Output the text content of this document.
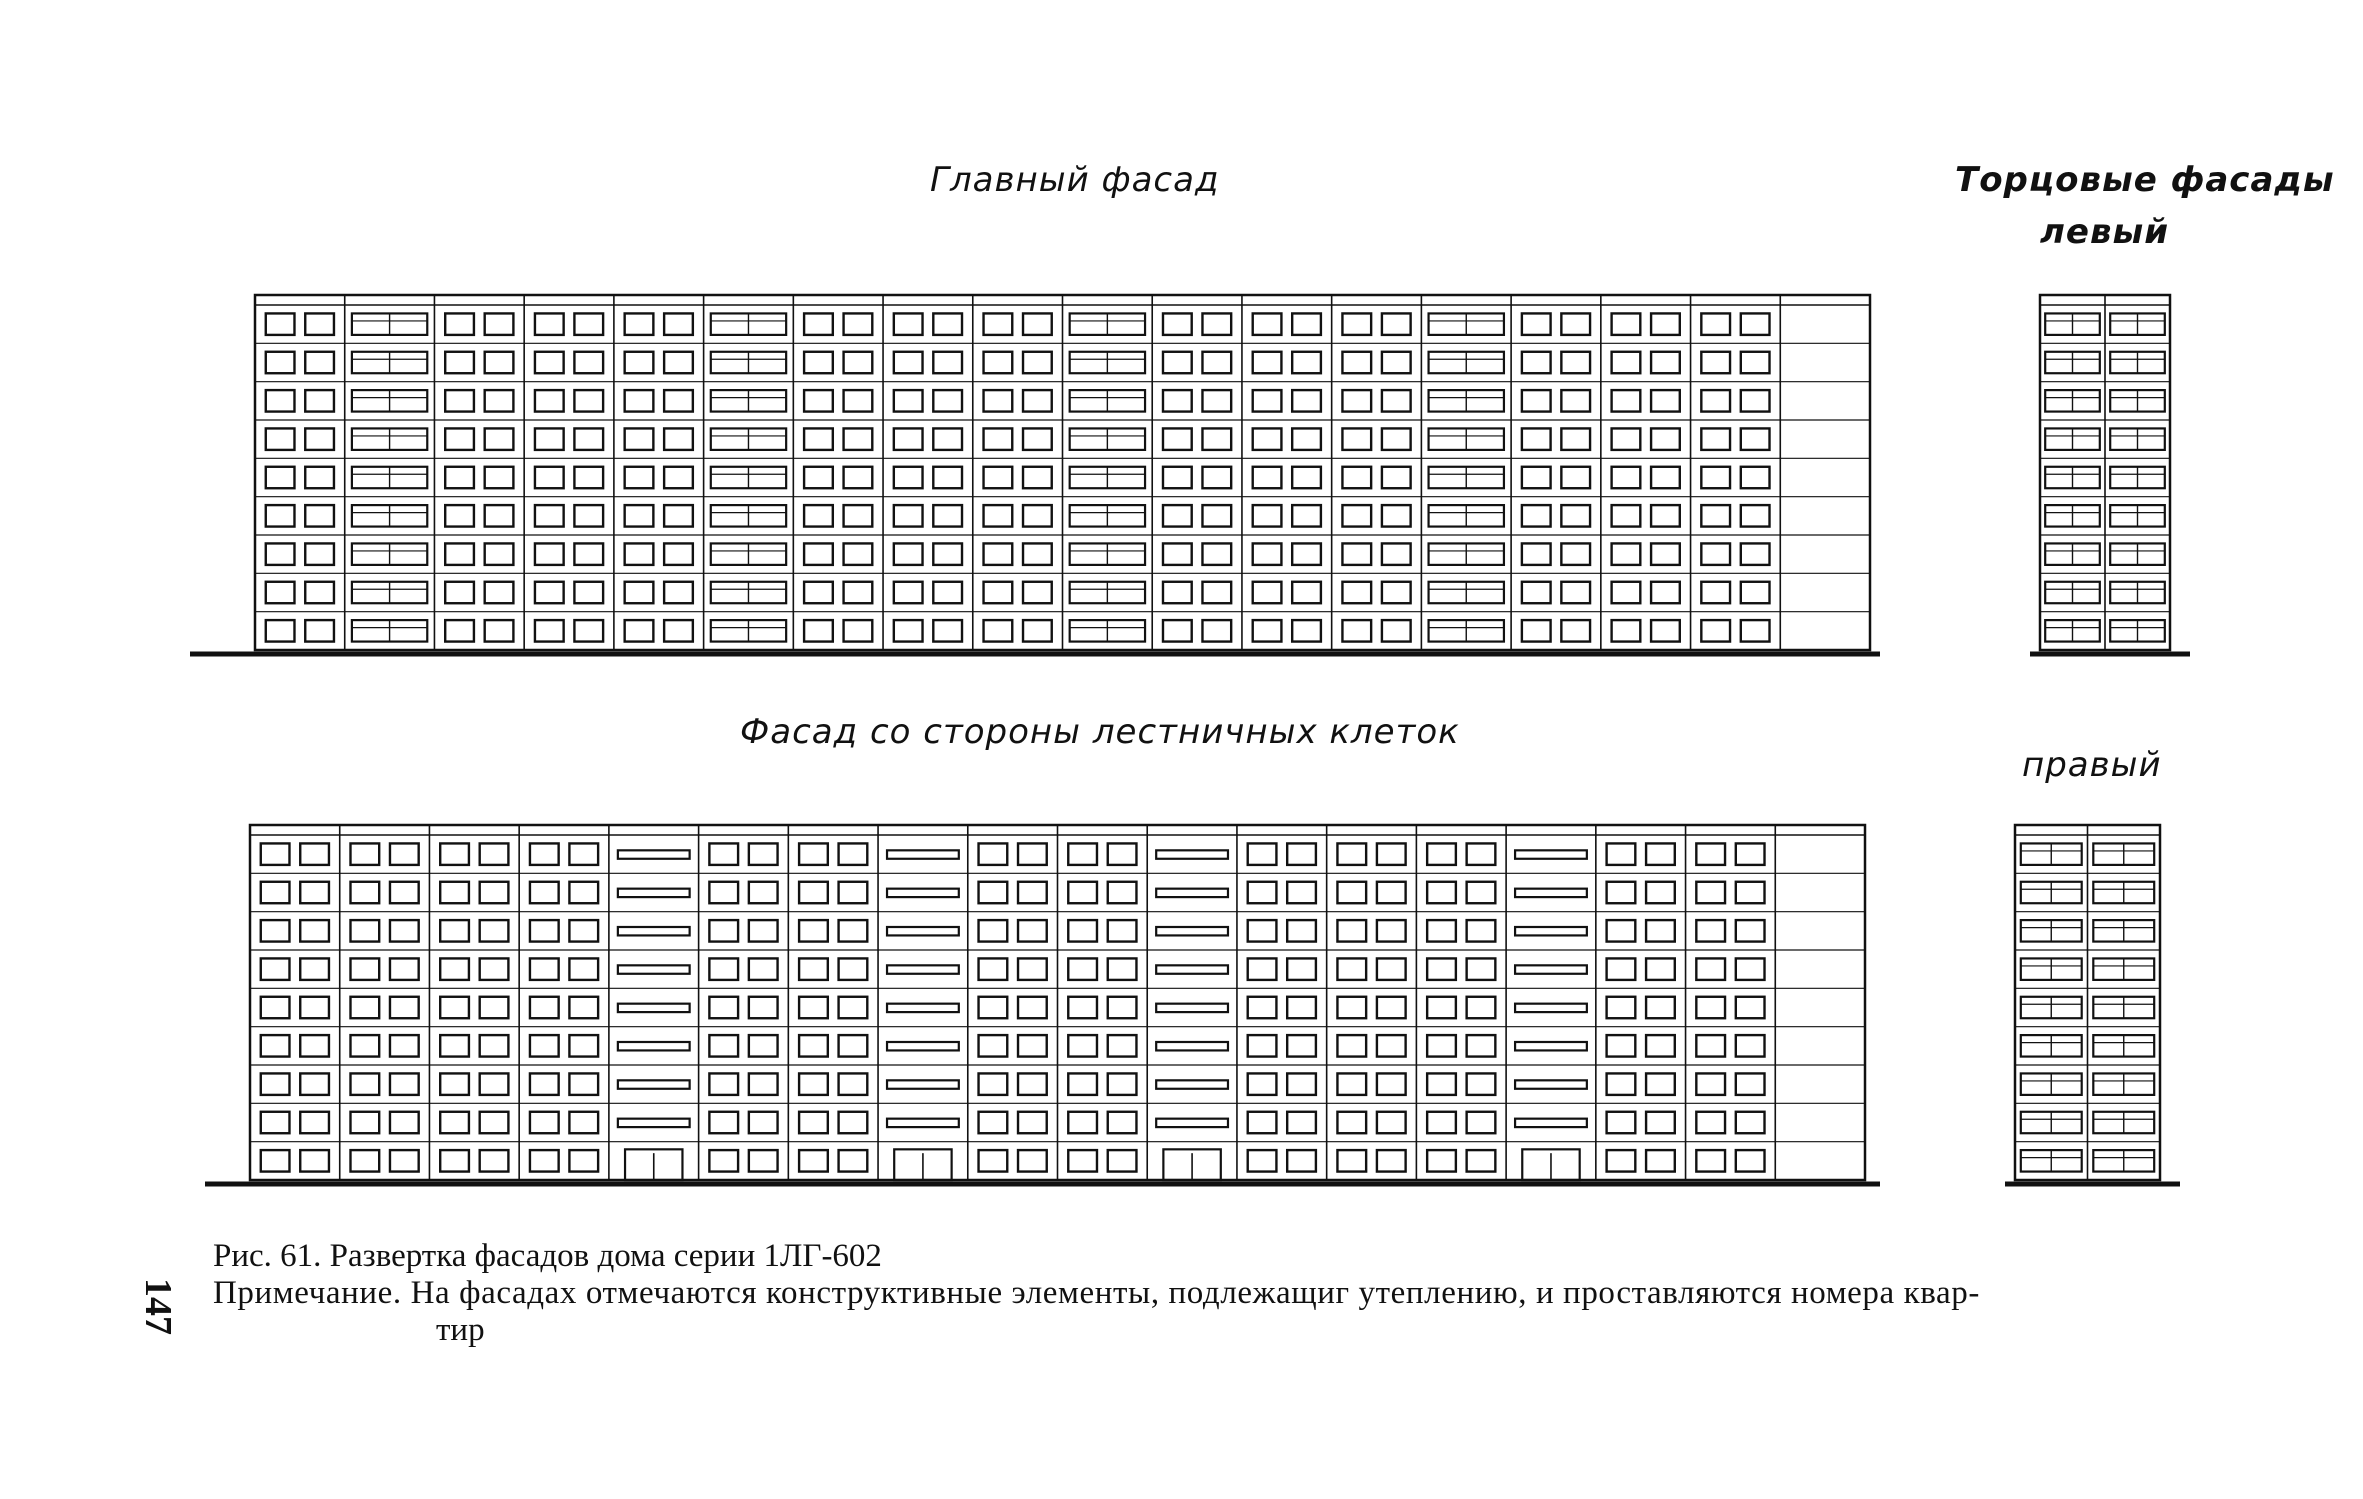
Главный фасад	Торцовые фасады
левый
Фасад со стороны лестничных клеток
правый
Рис. 61. Развертка фасадов дома серии 1ЛГ-602
Примечание. На фасадах отмечаются конструктивные элементы, подлежащиг утеплению, и проставляются номера квар-
тир
147
